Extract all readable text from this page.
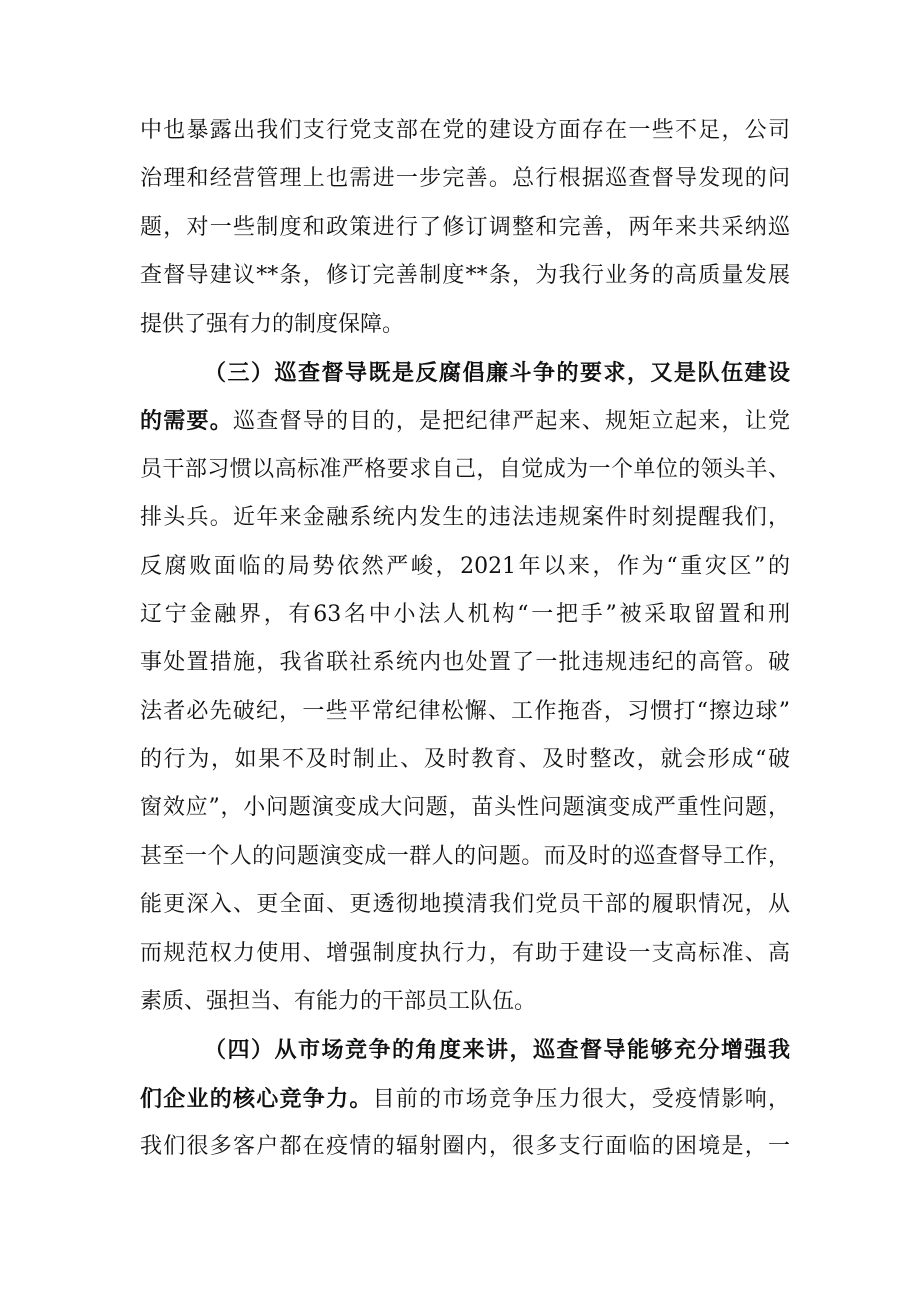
中也暴露出我们支行党支部在党的建设方面存在一些不足，公司
治理和经营管理上也需进一步完善。总行根据巡查督导发现的问
题，对一些制度和政策进行了修订调整和完善，两年来共采纳巡
查督导建议**条，修订完善制度**条，为我行业务的高质量发展
提供了强有力的制度保障。
（三）巡查督导既是反腐倡廉斗争的要求，又是队伍建设
的需要。巡查督导的目的，是把纪律严起来、规矩立起来，让党
员干部习惯以高标准严格要求自己，自觉成为一个单位的领头羊、
排头兵。近年来金融系统内发生的违法违规案件时刻提醒我们，
反腐败面临的局势依然严峻，2021年以来，作为“重灾区”的
辽宁金融界，有63名中小法人机构“一把手”被采取留置和刑
事处置措施，我省联社系统内也处置了一批违规违纪的高管。破
法者必先破纪，一些平常纪律松懈、工作拖沓，习惯打“擦边球”
的行为，如果不及时制止、及时教育、及时整改，就会形成“破
窗效应”，小问题演变成大问题，苗头性问题演变成严重性问题，
甚至一个人的问题演变成一群人的问题。而及时的巡查督导工作，
能更深入、更全面、更透彻地摸清我们党员干部的履职情况，从
而规范权力使用、增强制度执行力，有助于建设一支高标准、高
素质、强担当、有能力的干部员工队伍。
（四）从市场竞争的角度来讲，巡查督导能够充分增强我
们企业的核心竞争力。目前的市场竞争压力很大，受疫情影响，
我们很多客户都在疫情的辐射圈内，很多支行面临的困境是，一
